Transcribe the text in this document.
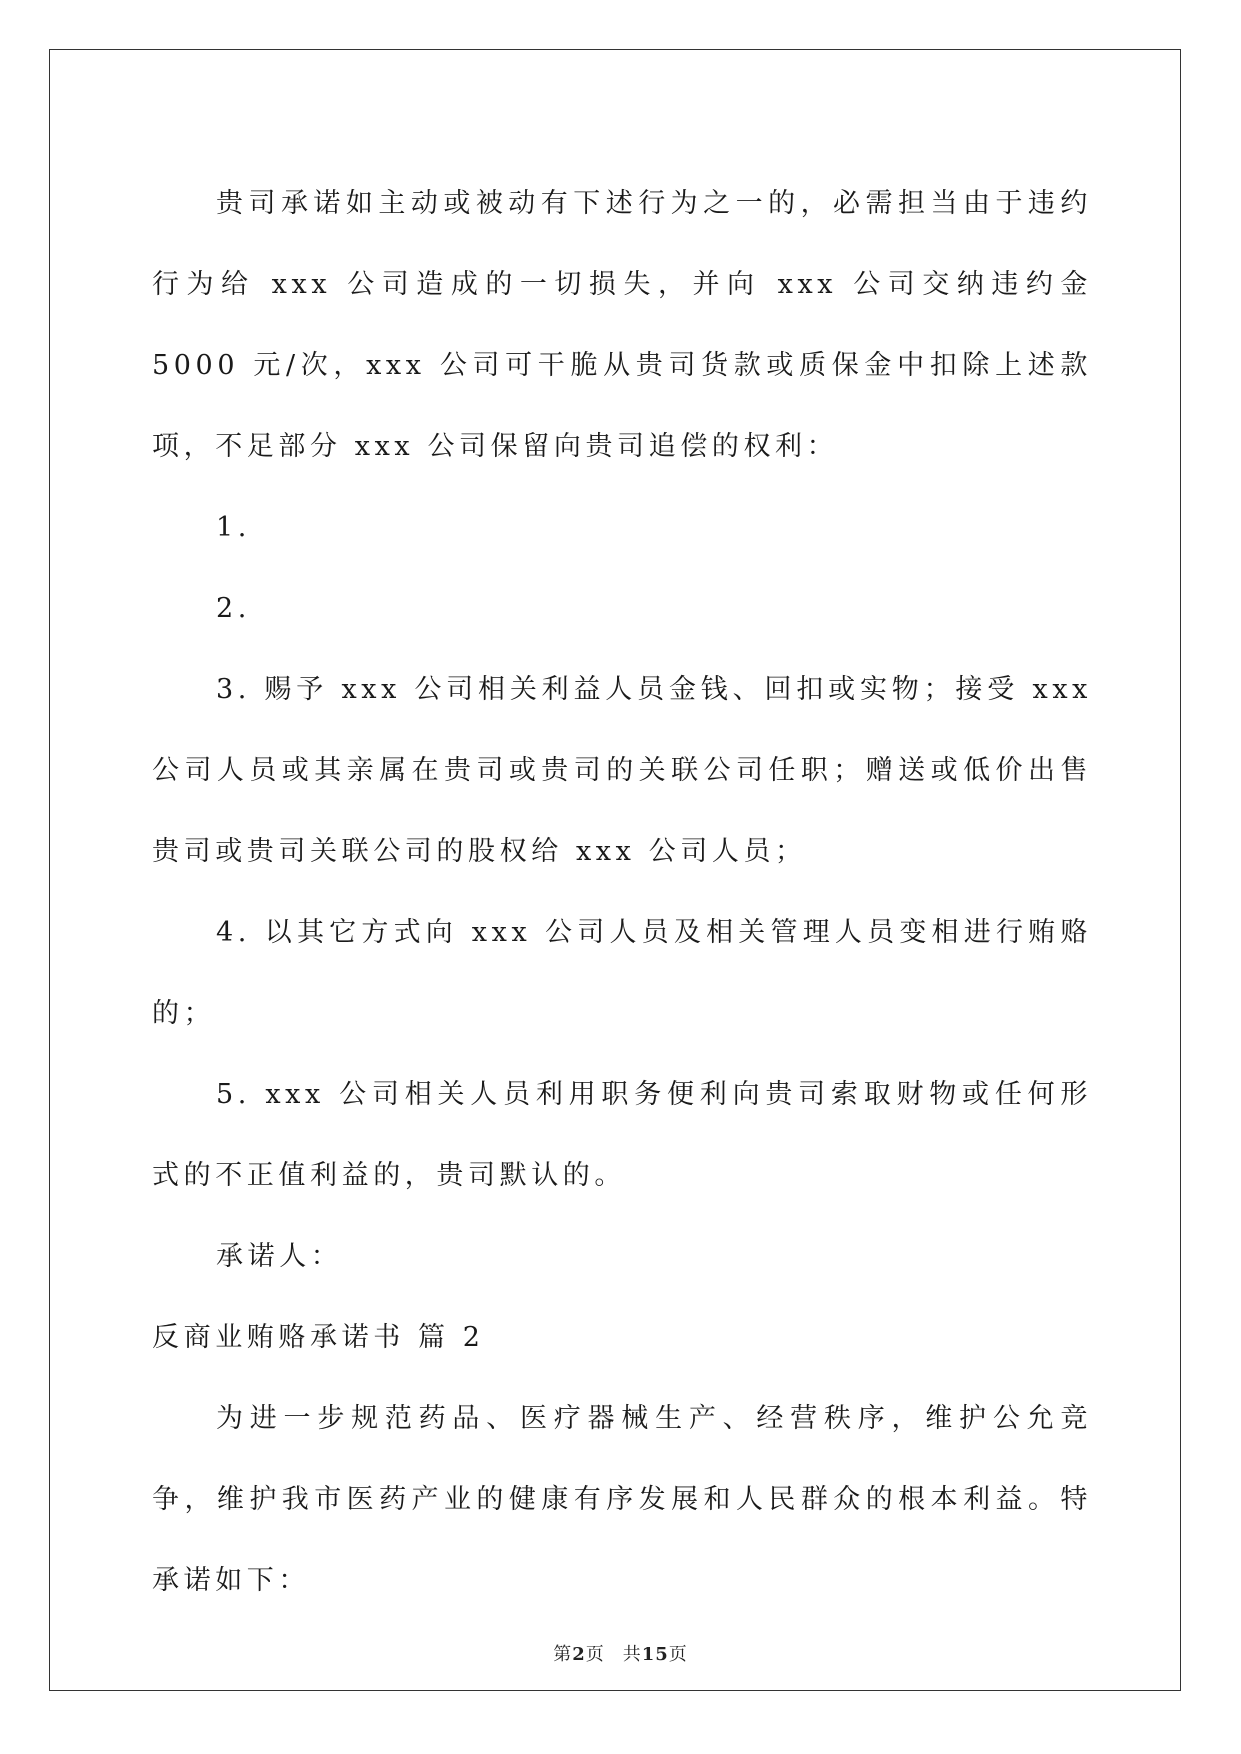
贵司承诺如主动或被动有下述行为之一的，必需担当由于违约行为给 xxx 公司造成的一切损失，并向 xxx 公司交纳违约金 5000 元/次，xxx 公司可干脆从贵司货款或质保金中扣除上述款项，不足部分 xxx 公司保留向贵司追偿的权利：

1.

2.

3. 赐予 xxx 公司相关利益人员金钱、回扣或实物；接受 xxx 公司人员或其亲属在贵司或贵司的关联公司任职；赠送或低价出售贵司或贵司关联公司的股权给 xxx 公司人员；

4. 以其它方式向 xxx 公司人员及相关管理人员变相进行贿赂的；

5. xxx 公司相关人员利用职务便利向贵司索取财物或任何形式的不正值利益的，贵司默认的。

承诺人：

反商业贿赂承诺书 篇 2

为进一步规范药品、医疗器械生产、经营秩序，维护公允竞争，维护我市医药产业的健康有序发展和人民群众的根本利益。特承诺如下：

第2页 共15页
